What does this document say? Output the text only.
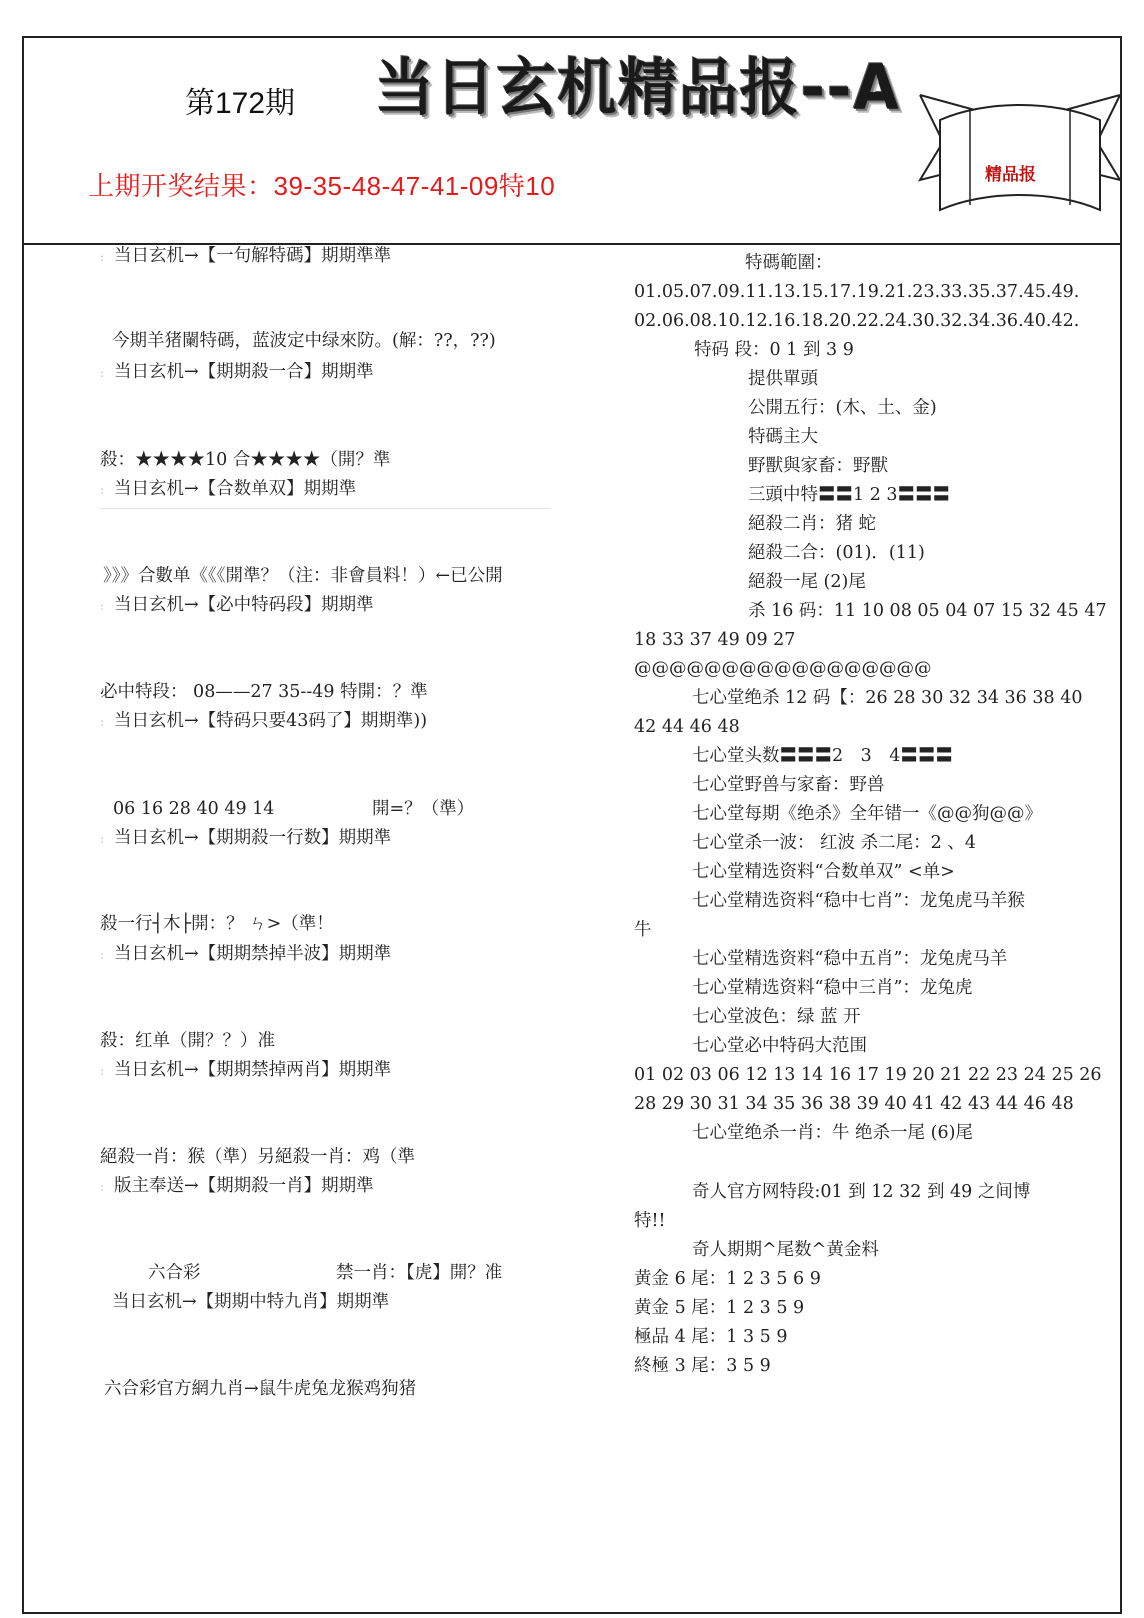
第172期 当日玄机精品报--A
精品报
上期开奖结果：39-35-48-47-41-09特10
: 当日玄机→【一句解特碼】期期準準
今期羊猪闌特碼，蓝波定中绿來防。(解：??，??)
: 当日玄机→【期期殺一合】期期準
殺：★★★★10 合★★★★（開？準
: 当日玄机→【合数单双】期期準
》》》合數单《《《開準？（注：非會員料！）←已公開
: 当日玄机→【必中特码段】期期準
必中特段： 08——27 35--49 特開：？準
: 当日玄机→【特码只要43码了】期期準))
06 16 28 40 49 14	開=？（準）
: 当日玄机→【期期殺一行数】期期準
殺一行┤木├開：？ ㄣ>（準！
: 当日玄机→【期期禁掉半波】期期準
殺：红单（開？？）准
: 当日玄机→【期期禁掉两肖】期期準
絕殺一肖：猴（準）另絕殺一肖：鸡（準
: 版主奉送→【期期殺一肖】期期準
六合彩	禁一肖：【虎】開？准
当日玄机→【期期中特九肖】期期準
六合彩官方網九肖→鼠牛虎兔龙猴鸡狗猪
特碼範圍：
01.05.07.09.11.13.15.17.19.21.23.33.35.37.45.49.
02.06.08.10.12.16.18.20.22.24.30.32.34.36.40.42.
特码 段：0 1 到 3 9
提供單頭
公開五行：(木、土、金)
特碼主大
野獸與家畜：野獸
三頭中特〓〓1 2 3〓〓〓
絕殺二肖：猪 蛇
絕殺二合：(01)．(11)
絕殺一尾 (2)尾
杀 16 码：11 10 08 05 04 07 15 32 45 47
18 33 37 49 09 27
@@@@@@@@@@@@@@@@@
七心堂绝杀 12 码【：26 28 30 32 34 36 38 40
42 44 46 48
七心堂头数〓〓〓2　3　4〓〓〓
七心堂野兽与家畜：野兽
七心堂每期《绝杀》全年错一《@@狗@@》
七心堂杀一波： 红波 杀二尾：2 、4
七心堂精选资料“合数单双” <单>
七心堂精选资料“稳中七肖”：龙兔虎马羊猴
牛
七心堂精选资料“稳中五肖”：龙兔虎马羊
七心堂精选资料“稳中三肖”：龙兔虎
七心堂波色：绿 蓝 开
七心堂必中特码大范围
01 02 03 06 12 13 14 16 17 19 20 21 22 23 24 25 26
28 29 30 31 34 35 36 38 39 40 41 42 43 44 46 48
七心堂绝杀一肖：牛 绝杀一尾 (6)尾
奇人官方网特段:01 到 12 32 到 49 之间博
特!!
奇人期期^尾数^黄金料
黄金 6 尾：1 2 3 5 6 9
黄金 5 尾：1 2 3 5 9
極品 4 尾：1 3 5 9
終極 3 尾：3 5 9
